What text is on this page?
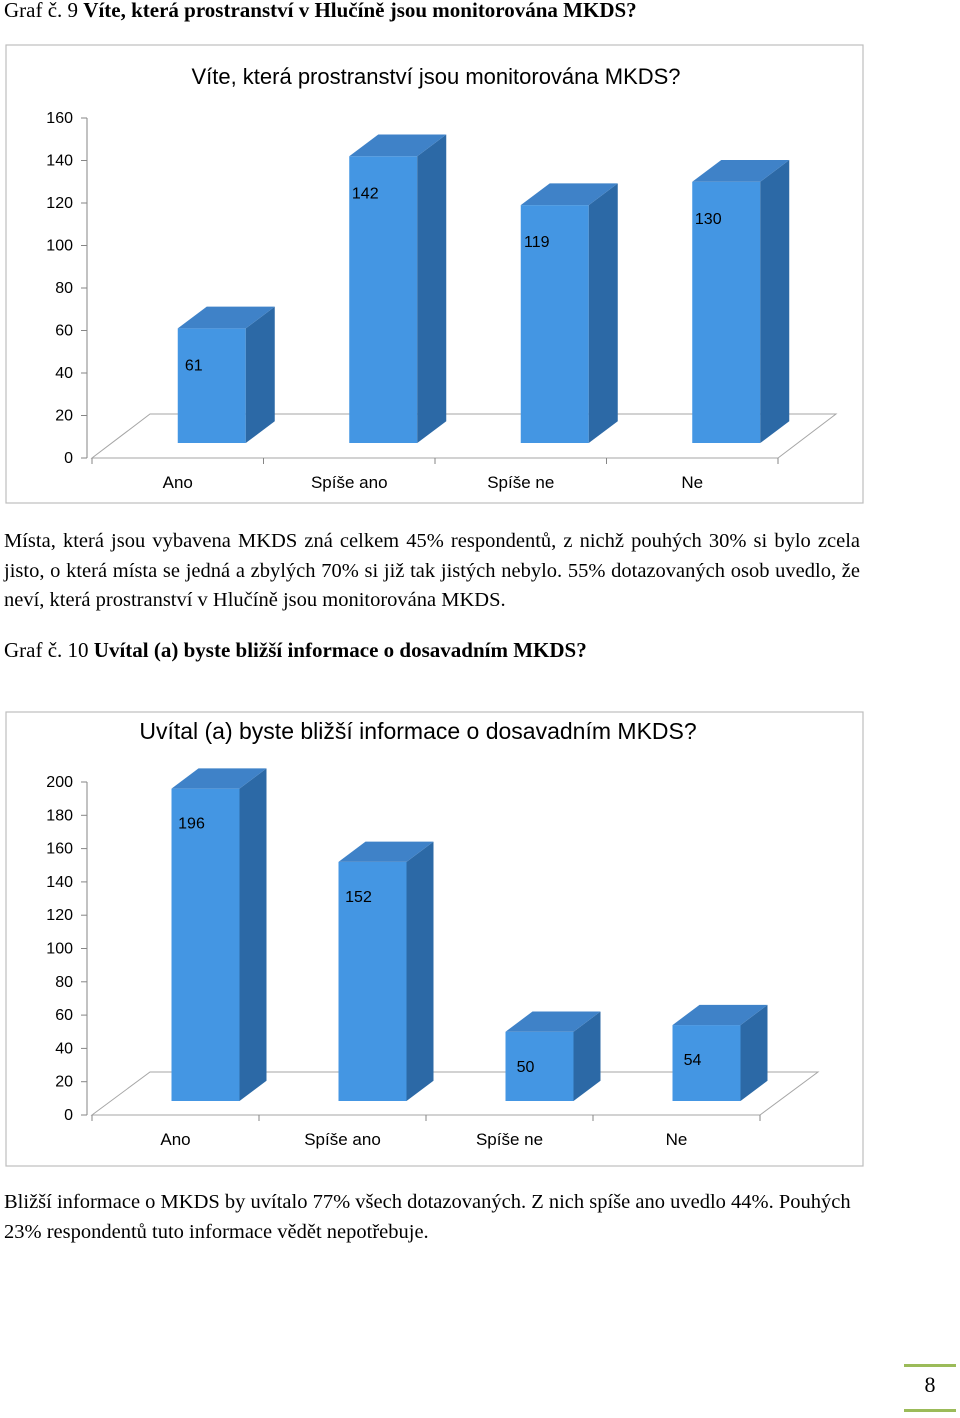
Graf č. 9 Víte, která prostranství v Hlučíně jsou monitorována MKDS?
Víte, která prostranství jsou monitorována MKDS?
0
20
40
60
80
100
120
140
160
61
Ano
142
Spíše ano
119
Spíše ne
130
Ne
Místa, která jsou vybavena MKDS zná celkem 45% respondentů, z nichž pouhých 30% si bylo zcela jisto, o která místa se jedná a zbylých 70% si již tak jistých nebylo. 55% dotazovaných osob uvedlo, že neví, která prostranství v Hlučíně jsou monitorována MKDS.
Graf č. 10 Uvítal (a) byste bližší informace o dosavadním MKDS?
Uvítal (a) byste bližší informace o dosavadním MKDS?
0
20
40
60
80
100
120
140
160
180
200
196
Ano
152
Spíše ano
50
Spíše ne
54
Ne
Bližší informace o MKDS by uvítalo 77% všech dotazovaných. Z nich spíše ano uvedlo 44%. Pouhých 23% respondentů tuto informace vědět nepotřebuje.
8
